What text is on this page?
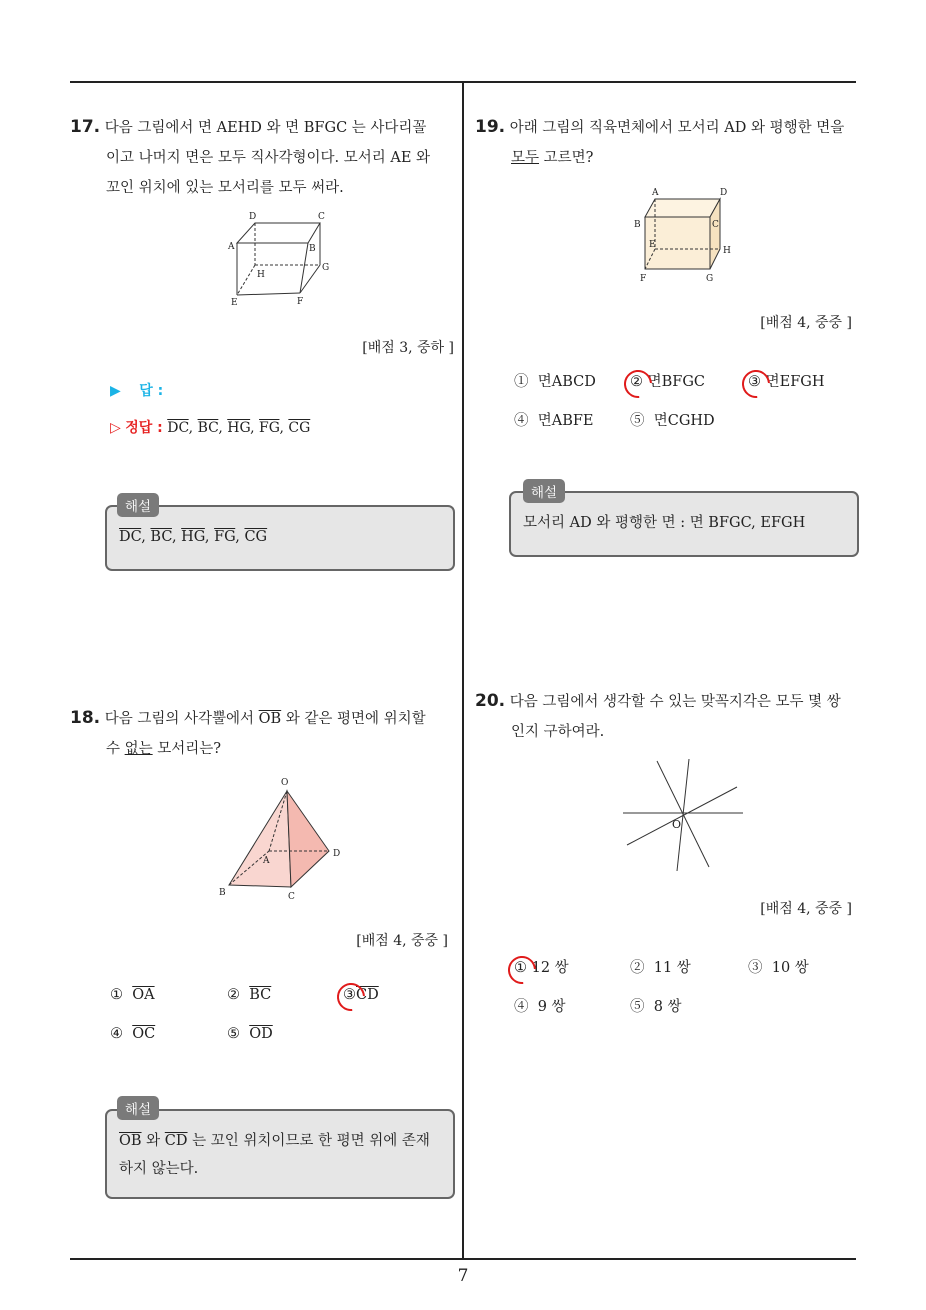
7
17. 다음 그림에서 면 AEHD 와 면 BFGC 는 사다리꼴
이고 나머지 면은 모두 직사각형이다. 모서리 AE 와
꼬인 위치에 있는 모서리를 모두 써라.
D	C
A	B
H
G
E	F
[배점 3, 중하 ]
▶ 답 :
▷ 정답 : $\overline{DC}$, $\overline{BC}$, $\overline{HG}$, $\overline{FG}$, $\overline{CG}$
$\overline{DC}$, $\overline{BC}$, $\overline{HG}$, $\overline{FG}$, $\overline{CG}$
해설
18. 다음 그림의 사각뿔에서 $\overline{OB}$ 와 같은 평면에 위치할
수 없는 모서리는?
O
A
D
B	C
[배점 4, 중중 ]
① $\overline{OA}$	② $\overline{BC}$	$③\overline{CD}$
④ $\overline{OC}$	⑤ $\overline{OD}$
$\overline{OB}$ 와 $\overline{CD}$ 는 꼬인 위치이므로 한 평면 위에 존재
하지 않는다.
해설
19. 아래 그림의 직육면체에서 모서리 AD 와 평행한 면을
모두 고르면?
A	D
B	C
E
H
F	G
[배점 4, 중중 ]
① 면ABCD ② 면BFGC	③ 면EFGH
④ 면ABFE	⑤ 면CGHD
모서리 AD 와 평행한 면 : 면 BFGC, EFGH
해설
20. 다음 그림에서 생각할 수 있는 맞꼭지각은 모두 몇 쌍
인지 구하여라.
O
[배점 4, 중중 ]
① 12 쌍	② 11 쌍	③ 10 쌍
④ 9 쌍	⑤ 8 쌍
